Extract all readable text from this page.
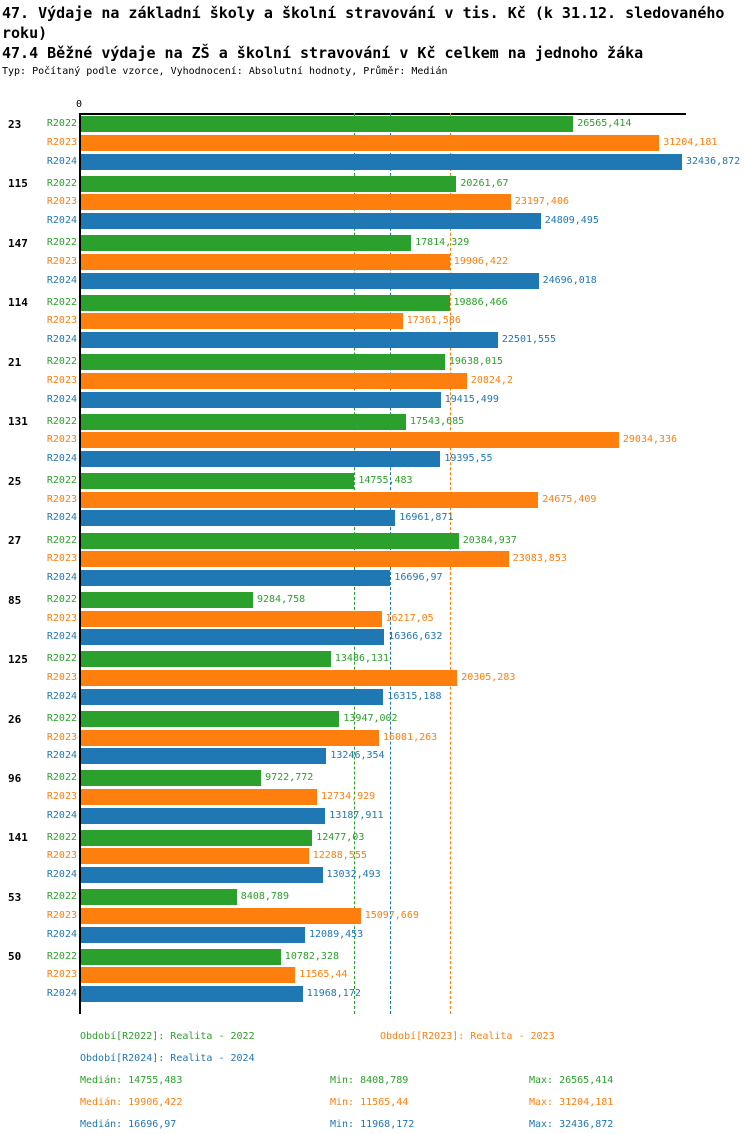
47. Výdaje na základní školy a školní stravování v tis. Kč (k 31.12. sledovaného roku)
47.4 Běžné výdaje na ZŠ a školní stravování v Kč celkem na jednoho žáka
Typ: Počítaný podle vzorce, Vyhodnocení: Absolutní hodnoty, Průměr: Medián
0
23	R2022	26565,414
R2023	31204,181
R2024	32436,872
115	R2022	20261,67
R2023	23197,406
R2024	24809,495
147	R2022	17814,329
R2023	19906,422
R2024	24696,018
114	R2022	19886,466
R2023	17361,586
R2024	22501,555
21	R2022	19638,015
R2023	20824,2
R2024	19415,499
131	R2022	17543,685
R2023	29034,336
R2024	19395,55
25	R2022	14755,483
R2023	24675,409
R2024	16961,871
27	R2022	20384,937
R2023	23083,853
R2024	16696,97
85	R2022	9284,758
R2023	16217,05
R2024	16366,632
125	R2022	13486,131
R2023	20305,283
R2024	16315,188
26	R2022	13947,002
R2023	16081,263
R2024	13246,354
96	R2022	9722,772
R2023	12734,929
R2024	13187,911
141	R2022	12477,03
R2023	12288,555
R2024	13032,493
53	R2022	8408,789
R2023	15097,669
R2024	12089,453
50	R2022	10782,328
R2023	11565,44
R2024	11968,172
Období[R2022]: Realita - 2022	Období[R2023]: Realita - 2023
Období[R2024]: Realita - 2024
Medián: 14755,483	Min: 8408,789	Max: 26565,414
Medián: 19906,422	Min: 11565,44	Max: 31204,181
Medián: 16696,97	Min: 11968,172	Max: 32436,872
